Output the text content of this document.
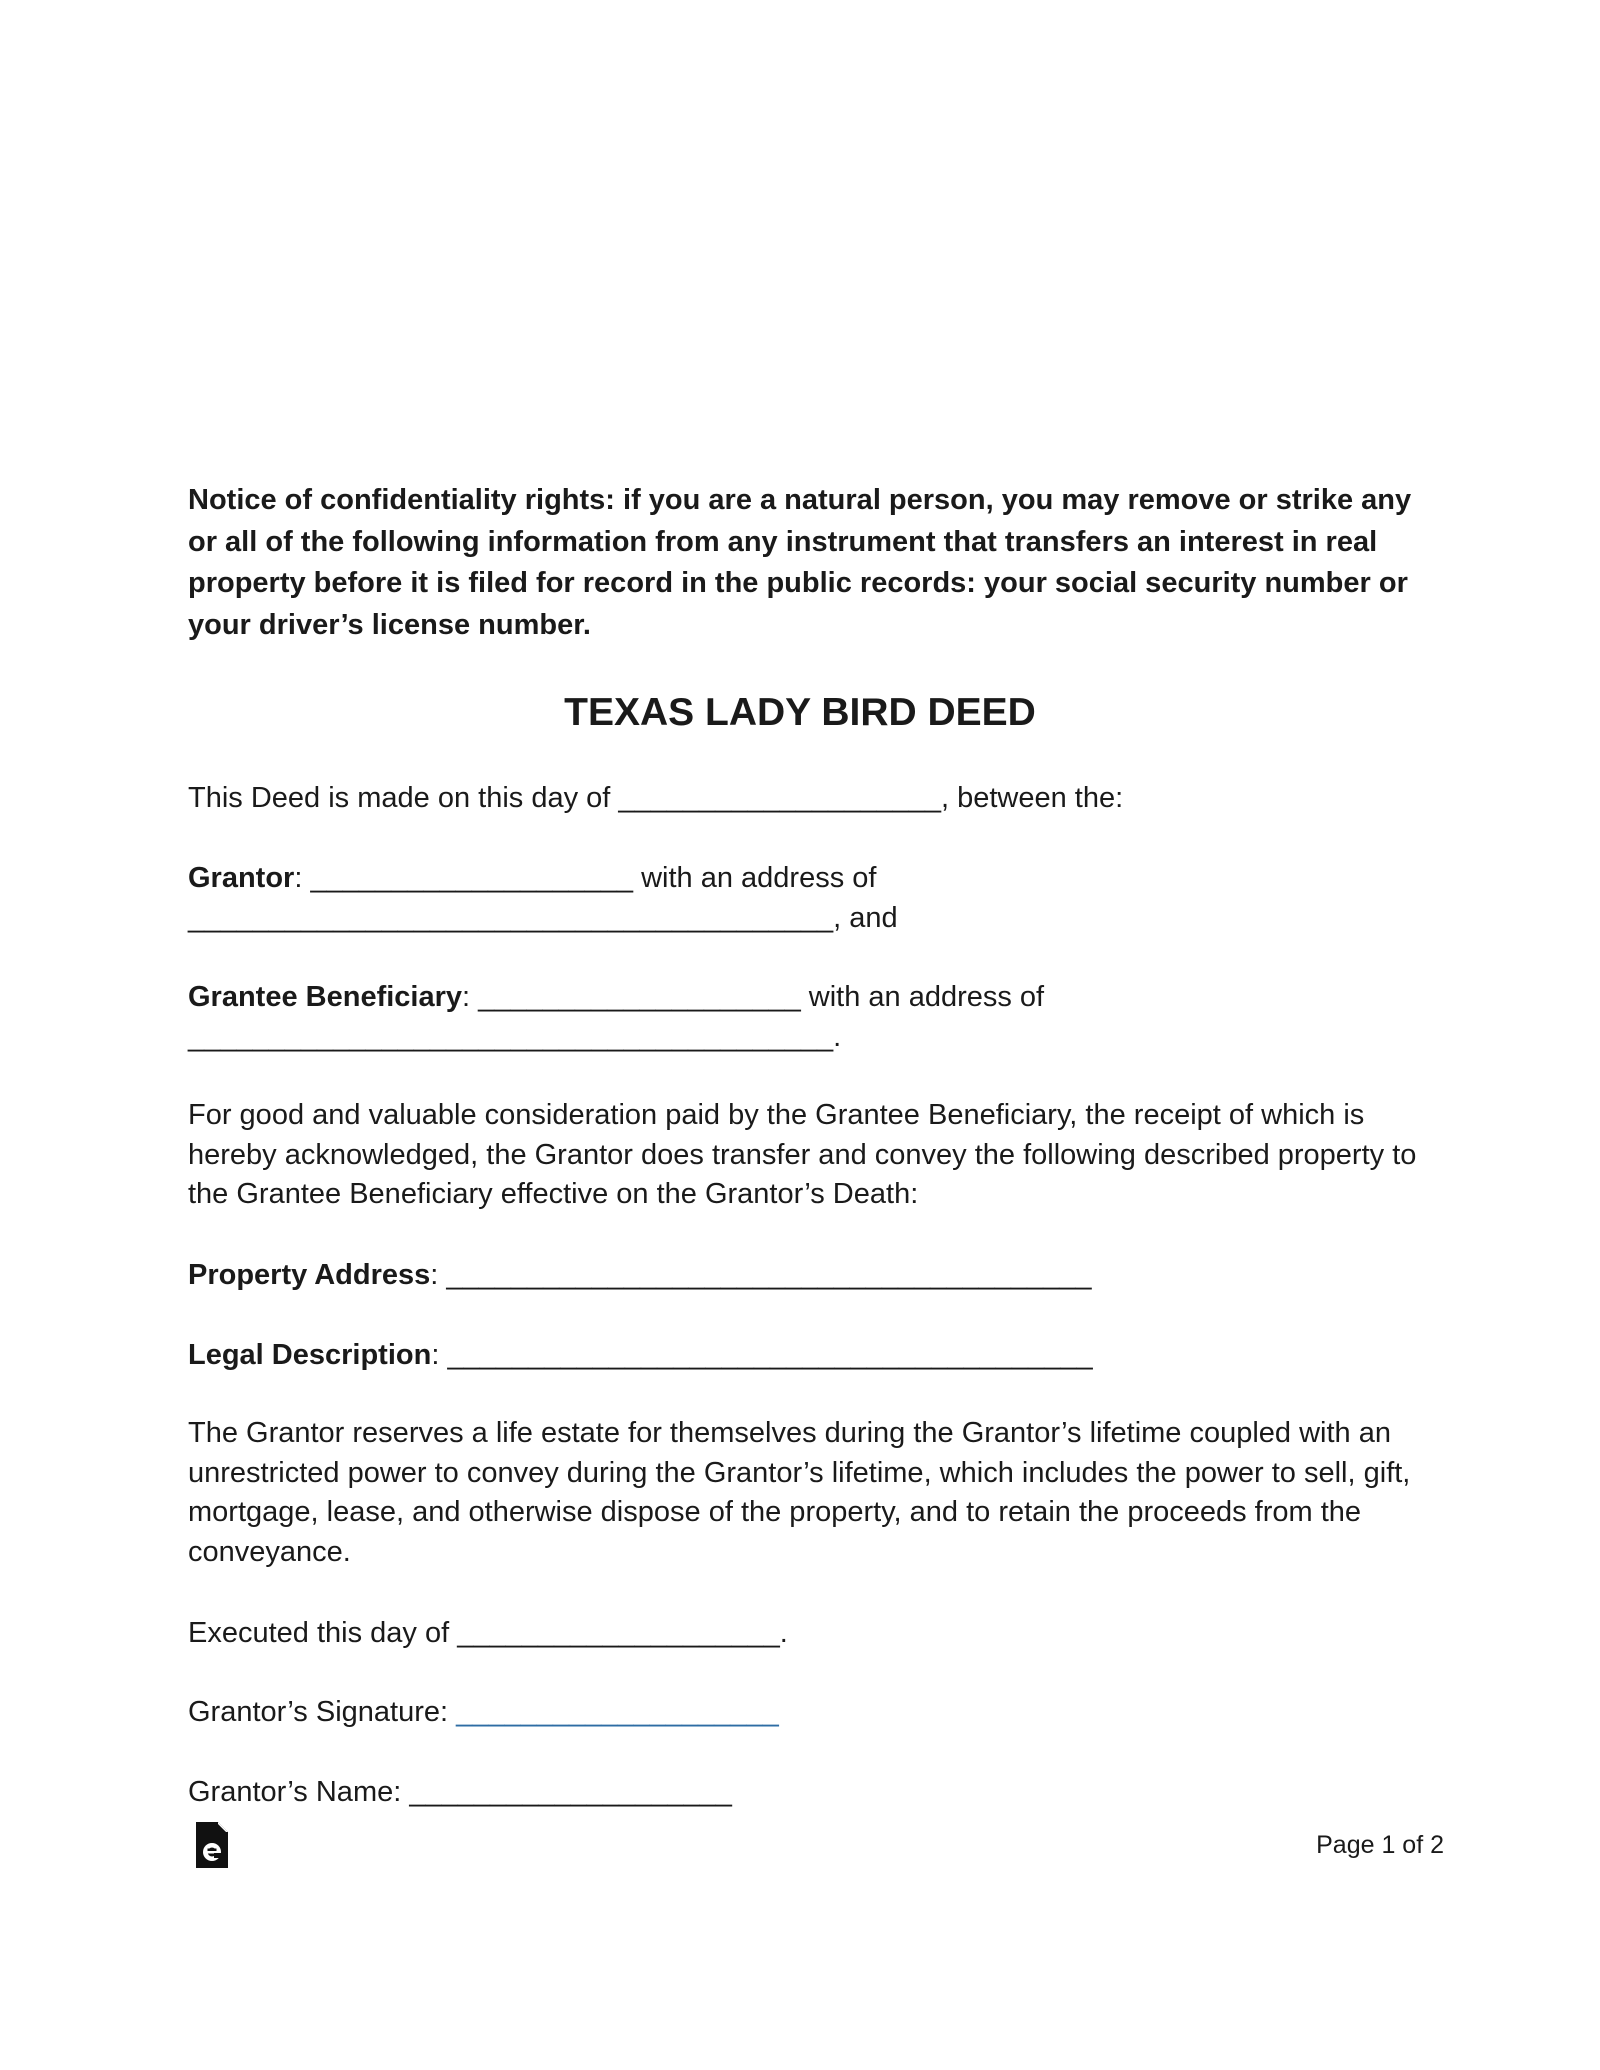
Notice of confidentiality rights: if you are a natural person, you may remove or strike any or all of the following information from any instrument that transfers an interest in real property before it is filed for record in the public records: your social security number or your driver’s license number.
TEXAS LADY BIRD DEED
This Deed is made on this day of ____________________, between the:
Grantor: ____________________ with an address of
________________________________________, and
Grantee Beneficiary: ____________________ with an address of
________________________________________.
For good and valuable consideration paid by the Grantee Beneficiary, the receipt of which is hereby acknowledged, the Grantor does transfer and convey the following described property to the Grantee Beneficiary effective on the Grantor’s Death:
Property Address: ________________________________________
Legal Description: ________________________________________
The Grantor reserves a life estate for themselves during the Grantor’s lifetime coupled with an unrestricted power to convey during the Grantor’s lifetime, which includes the power to sell, gift, mortgage, lease, and otherwise dispose of the property, and to retain the proceeds from the conveyance.
Executed this day of ____________________.
Grantor’s Signature: ____________________
Grantor’s Name: ____________________
Page 1 of 2
